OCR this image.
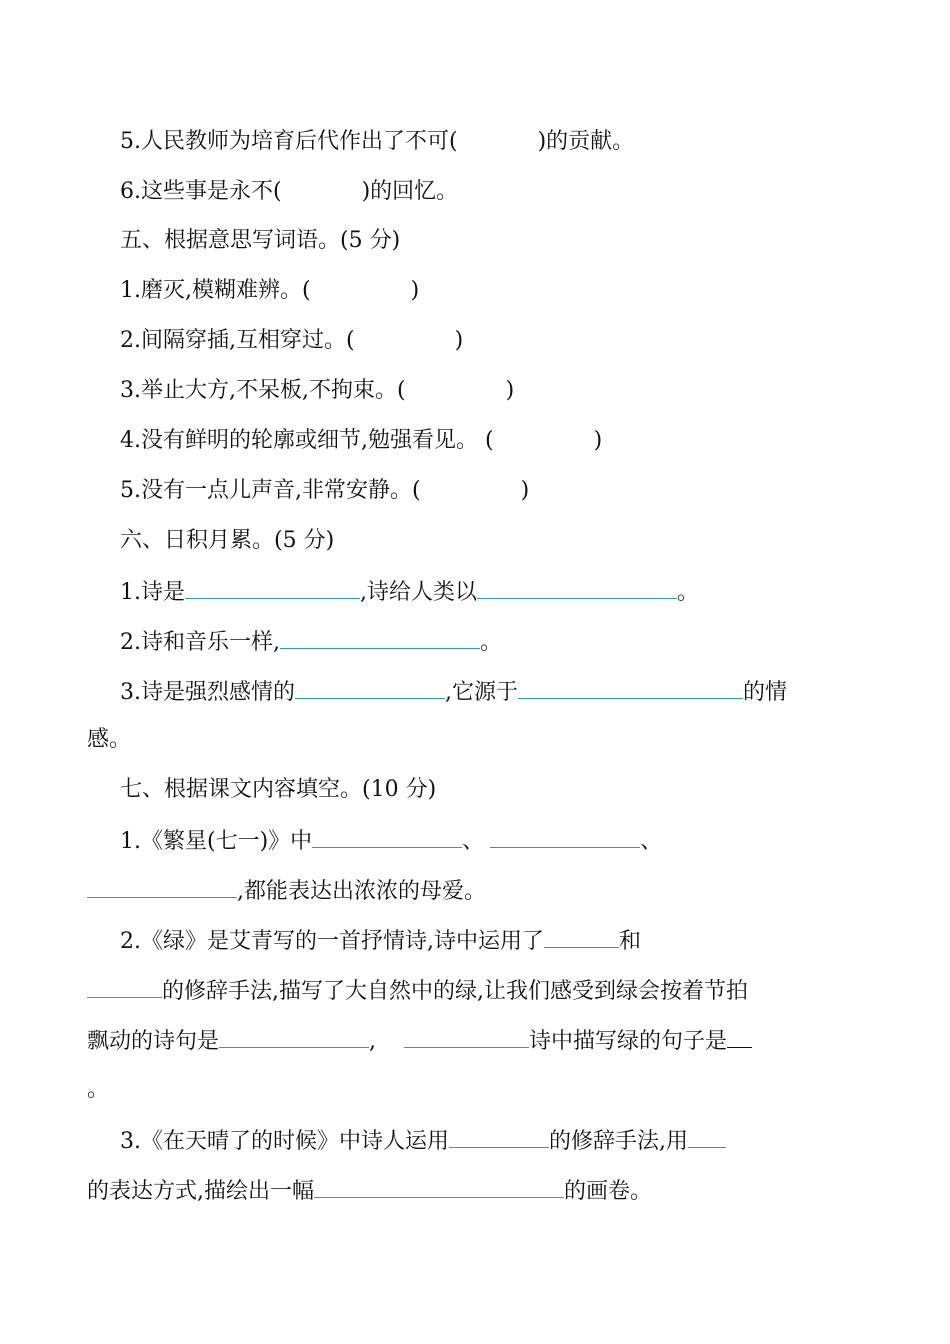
5.人民教师为培育后代作出了不可(	)的贡献。
6.这些事是永不(	)的回忆。
五、根据意思写词语。(5 分)
1.磨灭,模糊难辨。(	)
2.间隔穿插,互相穿过。(	)
3.举止大方,不呆板,不拘束。(	)
4.没有鲜明的轮廓或细节,勉强看见。 (	)
5.没有一点儿声音,非常安静。(	)
六、日积月累。(5 分)
1.诗是	,诗给人类以	。
2.诗和音乐一样,	。
3.诗是强烈感情的	,它源于	的情
感。
七、根据课文内容填空。(10 分)
1.《繁星(七一)》中	、	、
,都能表达出浓浓的母爱。
2.《绿》是艾青写的一首抒情诗,诗中运用了	和
的修辞手法,描写了大自然中的绿,让我们感受到绿会按着节拍
飘动的诗句是	,	诗中描写绿的句子是
。
3.《在天晴了的时候》中诗人运用	的修辞手法,用
的表达方式,描绘出一幅	的画卷。
